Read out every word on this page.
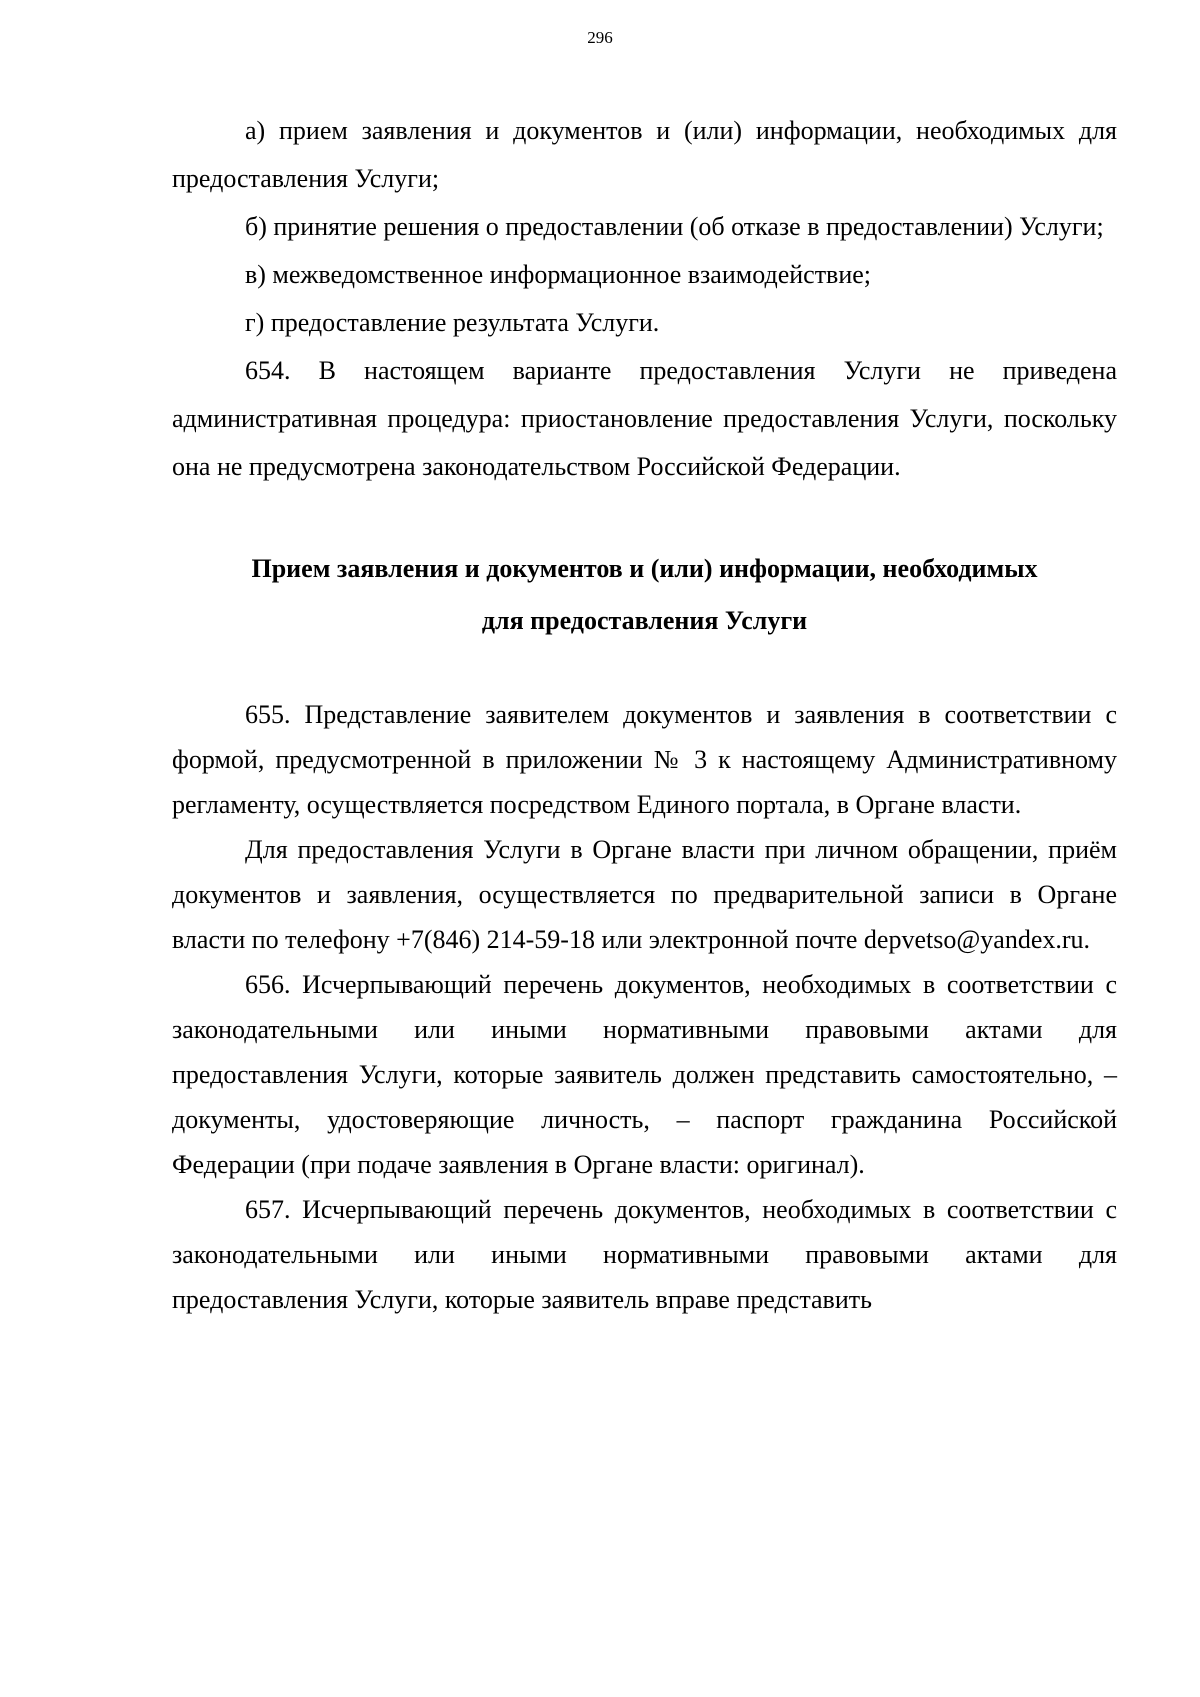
296

а) прием заявления и документов и (или) информации, необходимых для предоставления Услуги;

б) принятие решения о предоставлении (об отказе в предоставлении) Услуги;

в) межведомственное информационное взаимодействие;

г) предоставление результата Услуги.

654. В настоящем варианте предоставления Услуги не приведена административная процедура: приостановление предоставления Услуги, поскольку она не предусмотрена законодательством Российской Федерации.

Прием заявления и документов и (или) информации, необходимых
для предоставления Услуги

655. Представление заявителем документов и заявления в соответствии с формой, предусмотренной в приложении № 3 к настоящему Административному регламенту, осуществляется посредством Единого портала, в Органе власти.

Для предоставления Услуги в Органе власти при личном обращении, приём документов и заявления, осуществляется по предварительной записи в Органе власти по телефону +7(846) 214-59-18 или электронной почте depvetso@yandex.ru.

656. Исчерпывающий перечень документов, необходимых в соответствии с законодательными или иными нормативными правовыми актами для предоставления Услуги, которые заявитель должен представить самостоятельно, – документы, удостоверяющие личность, – паспорт гражданина Российской Федерации (при подаче заявления в Органе власти: оригинал).

657. Исчерпывающий перечень документов, необходимых в соответствии с законодательными или иными нормативными правовыми актами для предоставления Услуги, которые заявитель вправе представить
